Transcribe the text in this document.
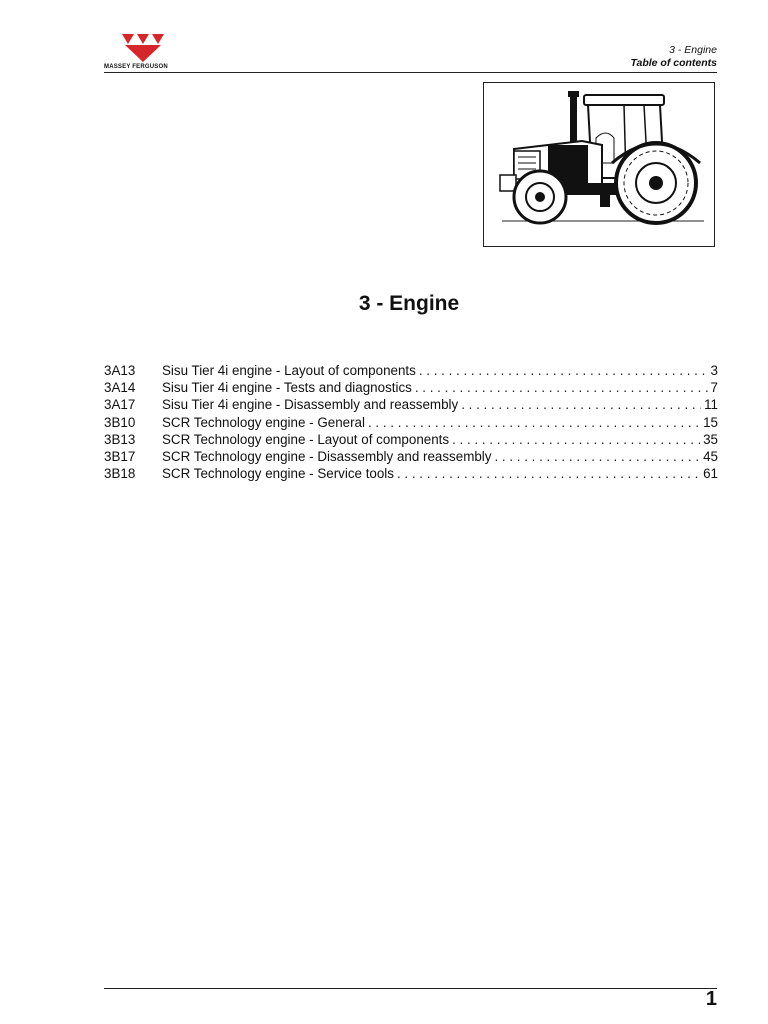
MASSEY FERGUSON
3 - Engine
Table of contents
3 - Engine
3A13	Sisu Tier 4i engine - Layout of components . . .	3
3A14	Sisu Tier 4i engine - Tests and diagnostics . . .	7
3A17	Sisu Tier 4i engine - Disassembly and reassembly . . .	11
3B10	SCR Technology engine - General . . .	15
3B13	SCR Technology engine - Layout of components . . .	35
3B17	SCR Technology engine - Disassembly and reassembly . . .	45
3B18	SCR Technology engine - Service tools . . .	61
1
